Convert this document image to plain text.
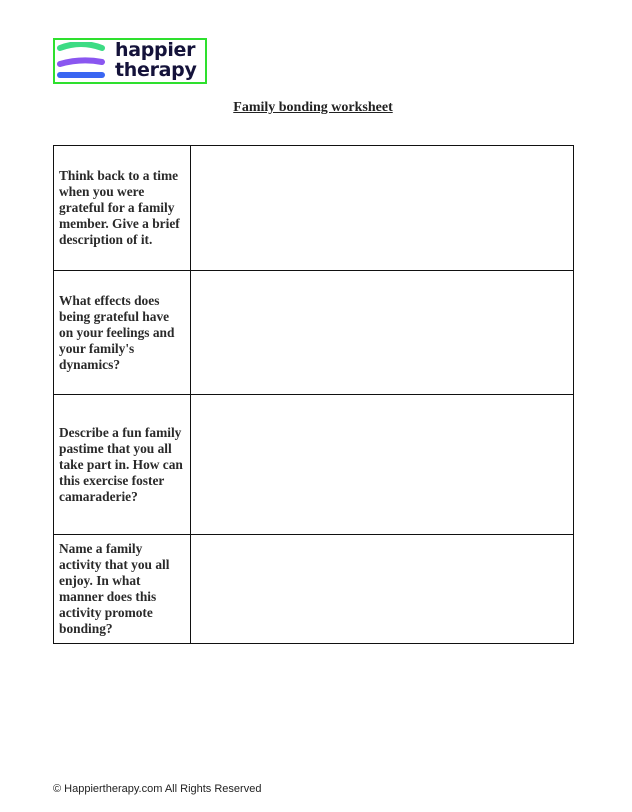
happier
therapy
Family bonding worksheet
Think back to a time when you were grateful for a family member. Give a brief description of it.	
What effects does being grateful have on your feelings and your family's dynamics?	
Describe a fun family pastime that you all take part in. How can this exercise foster camaraderie?	
Name a family activity that you all enjoy. In what manner does this activity promote bonding?	
© Happiertherapy.com All Rights Reserved
